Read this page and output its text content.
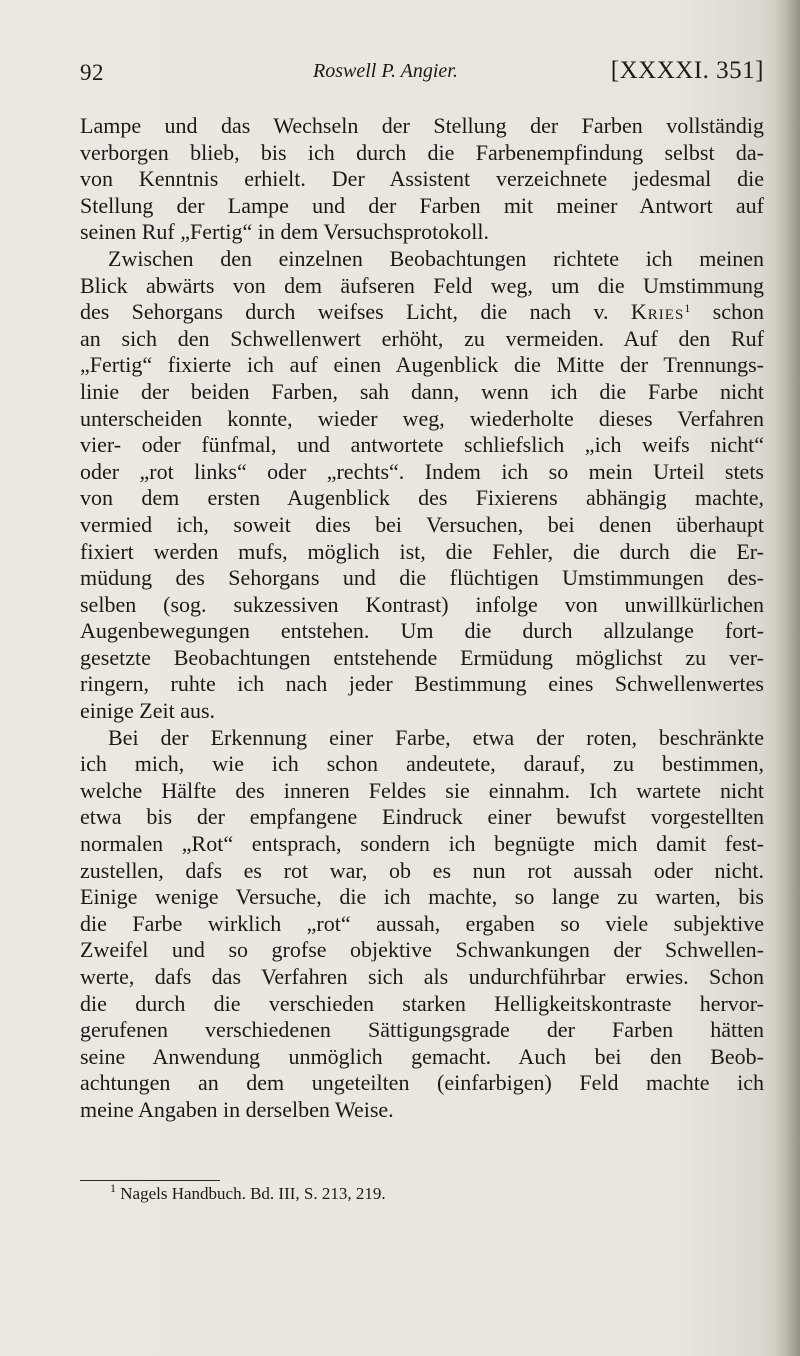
92	Roswell P. Angier.	[XXXXI. 351]
Lampe und das Wechseln der Stellung der Farben vollständig
verborgen blieb, bis ich durch die Farbenempfindung selbst da-
von Kenntnis erhielt. Der Assistent verzeichnete jedesmal die
Stellung der Lampe und der Farben mit meiner Antwort auf
seinen Ruf „Fertig“ in dem Versuchsprotokoll.
Zwischen den einzelnen Beobachtungen richtete ich meinen
Blick abwärts von dem äufseren Feld weg, um die Umstimmung
des Sehorgans durch weifses Licht, die nach v. Kries$^1$ schon
an sich den Schwellenwert erhöht, zu vermeiden. Auf den Ruf
„Fertig“ fixierte ich auf einen Augenblick die Mitte der Trennungs-
linie der beiden Farben, sah dann, wenn ich die Farbe nicht
unterscheiden konnte, wieder weg, wiederholte dieses Verfahren
vier- oder fünfmal, und antwortete schliefslich „ich weifs nicht“
oder „rot links“ oder „rechts“. Indem ich so mein Urteil stets
von dem ersten Augenblick des Fixierens abhängig machte,
vermied ich, soweit dies bei Versuchen, bei denen überhaupt
fixiert werden mufs, möglich ist, die Fehler, die durch die Er-
müdung des Sehorgans und die flüchtigen Umstimmungen des-
selben (sog. sukzessiven Kontrast) infolge von unwillkürlichen
Augenbewegungen entstehen. Um die durch allzulange fort-
gesetzte Beobachtungen entstehende Ermüdung möglichst zu ver-
ringern, ruhte ich nach jeder Bestimmung eines Schwellenwertes
einige Zeit aus.
Bei der Erkennung einer Farbe, etwa der roten, beschränkte
ich mich, wie ich schon andeutete, darauf, zu bestimmen,
welche Hälfte des inneren Feldes sie einnahm. Ich wartete nicht
etwa bis der empfangene Eindruck einer bewufst vorgestellten
normalen „Rot“ entsprach, sondern ich begnügte mich damit fest-
zustellen, dafs es rot war, ob es nun rot aussah oder nicht.
Einige wenige Versuche, die ich machte, so lange zu warten, bis
die Farbe wirklich „rot“ aussah, ergaben so viele subjektive
Zweifel und so grofse objektive Schwankungen der Schwellen-
werte, dafs das Verfahren sich als undurchführbar erwies. Schon
die durch die verschieden starken Helligkeitskontraste hervor-
gerufenen verschiedenen Sättigungsgrade der Farben hätten
seine Anwendung unmöglich gemacht. Auch bei den Beob-
achtungen an dem ungeteilten (einfarbigen) Feld machte ich
meine Angaben in derselben Weise.
$^1$ Nagels Handbuch. Bd. III, S. 213, 219.
